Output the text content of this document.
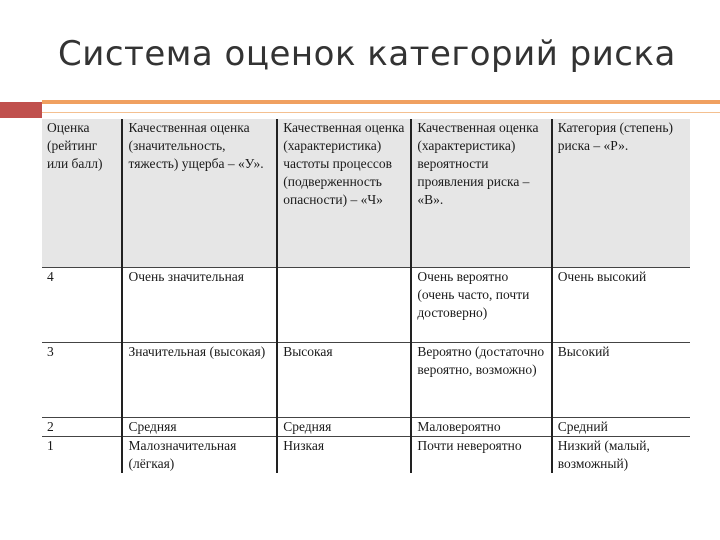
Система оценок категорий риска
Оценка (рейтинг или балл)	Качественная оценка (значительность, тяжесть) ущерба – «У».	Качественная оценка (характеристика) частоты процессов (подверженность опасности) – «Ч»	Качественная оценка (характеристика) вероятности проявления риска – «В».	Категория (степень) риска – «Р».
4	Очень значительная		Очень вероятно (очень часто, почти достоверно)	Очень высокий
3	Значительная (высокая)	Высокая	Вероятно (достаточно вероятно, возможно)	Высокий
2	Средняя	Средняя	Маловероятно	Средний
1	Малозначительная (лёгкая)	Низкая	Почти невероятно	Низкий (малый, возможный)
